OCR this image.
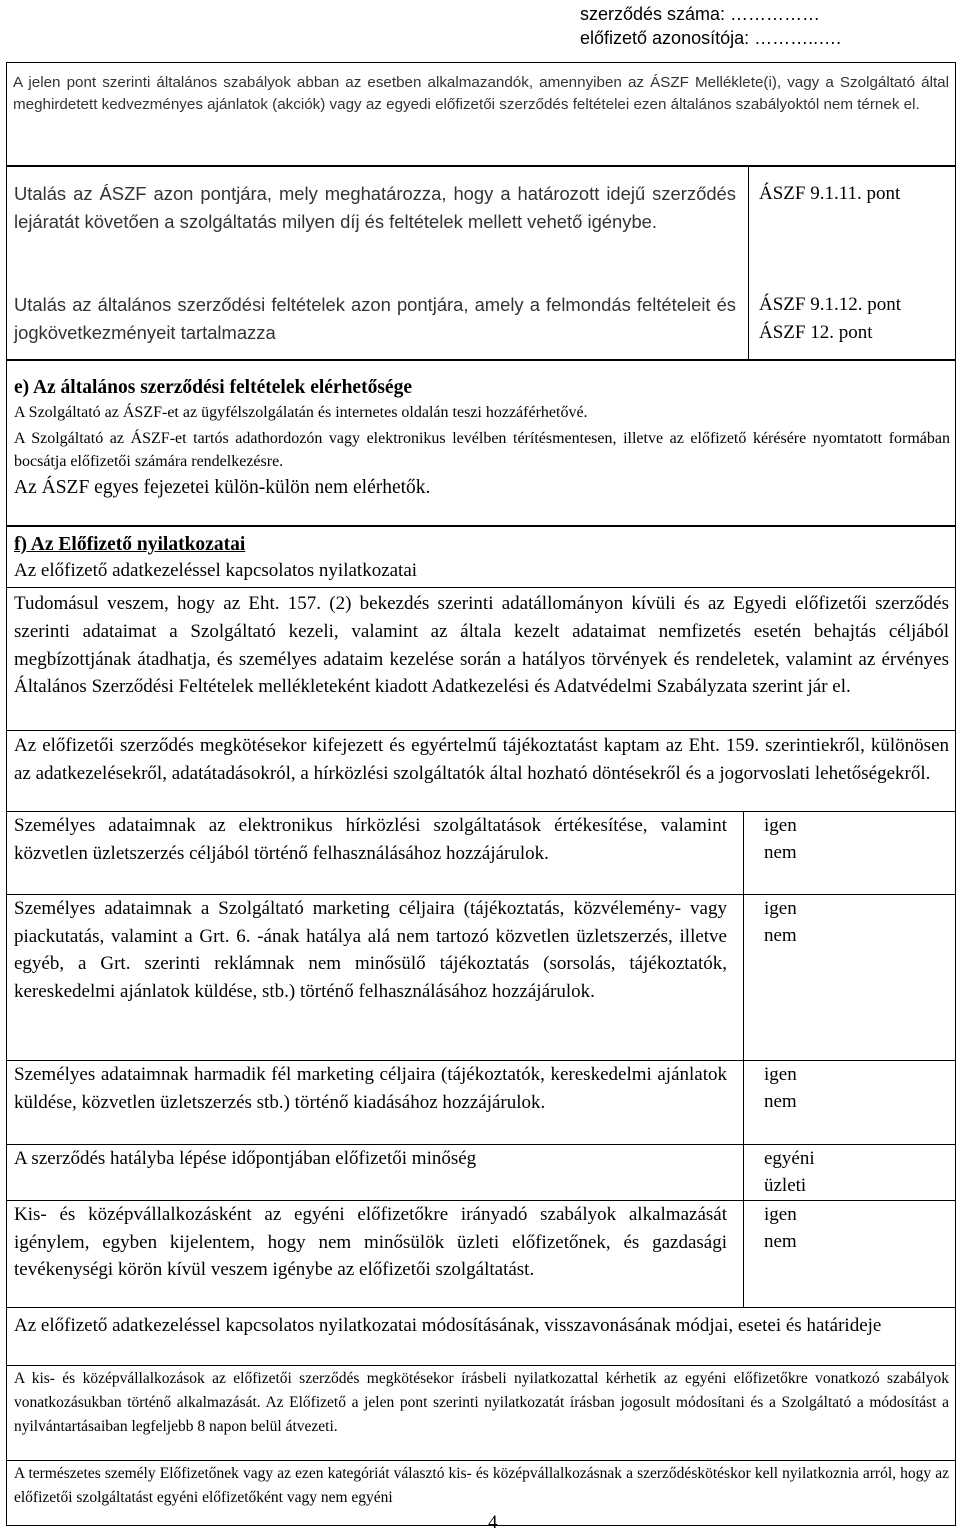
szerződés száma: ……………
előfizető azonosítója: ………..….
A jelen pont szerinti általános szabályok abban az esetben alkalmazandók, amennyiben az ÁSZF Melléklete(i), vagy a Szolgáltató által meghirdetett kedvezményes ajánlatok (akciók) vagy az egyedi előfizetői szerződés feltételei ezen általános szabályoktól nem térnek el.
Utalás az ÁSZF azon pontjára, mely meghatározza, hogy a határozott idejű szerződés lejáratát követően a szolgáltatás milyen díj és feltételek mellett vehető igénybe.
ÁSZF 9.1.11. pont
Utalás az általános szerződési feltételek azon pontjára, amely a felmondás feltételeit és jogkövetkezményeit tartalmazza
ÁSZF 9.1.12. pont
ÁSZF 12. pont
e) Az általános szerződési feltételek elérhetősége
A Szolgáltató az ÁSZF-et az ügyfélszolgálatán és internetes oldalán teszi hozzáférhetővé.
A Szolgáltató az ÁSZF-et tartós adathordozón vagy elektronikus levélben térítésmentesen, illetve az előfizető kérésére nyomtatott formában bocsátja előfizetői számára rendelkezésre.
Az ÁSZF egyes fejezetei külön-külön nem elérhetők.
f) Az Előfizető nyilatkozatai
Az előfizető adatkezeléssel kapcsolatos nyilatkozatai
Tudomásul veszem, hogy az Eht. 157. (2) bekezdés szerinti adatállományon kívüli és az Egyedi előfizetői szerződés szerinti adataimat a Szolgáltató kezeli, valamint az általa kezelt adataimat nemfizetés esetén behajtás céljából megbízottjának átadhatja, és személyes adataim kezelése során a hatályos törvények és rendeletek, valamint az érvényes Általános Szerződési Feltételek mellékleteként kiadott Adatkezelési és Adatvédelmi Szabályzata szerint jár el.
Az előfizetői szerződés megkötésekor kifejezett és egyértelmű tájékoztatást kaptam az Eht. 159. szerintiekről, különösen az adatkezelésekről, adatátadásokról, a hírközlési szolgáltatók által hozható döntésekről és a jogorvoslati lehetőségekről.
Személyes adataimnak az elektronikus hírközlési szolgáltatások értékesítése, valamint közvetlen üzletszerzés céljából történő felhasználásához hozzájárulok.
igen
nem
Személyes adataimnak a Szolgáltató marketing céljaira (tájékoztatás, közvélemény- vagy piackutatás, valamint a Grt. 6. -ának hatálya alá nem tartozó közvetlen üzletszerzés, illetve egyéb, a Grt. szerinti reklámnak nem minősülő tájékoztatás (sorsolás, tájékoztatók, kereskedelmi ajánlatok küldése, stb.) történő felhasználásához hozzájárulok.
igen
nem
Személyes adataimnak harmadik fél marketing céljaira (tájékoztatók, kereskedelmi ajánlatok küldése, közvetlen üzletszerzés stb.) történő kiadásához hozzájárulok.
igen
nem
A szerződés hatályba lépése időpontjában előfizetői minőség	egyéni
üzleti
Kis- és középvállalkozásként az egyéni előfizetőkre irányadó szabályok alkalmazását igénylem, egyben kijelentem, hogy nem minősülök üzleti előfizetőnek, és gazdasági tevékenységi körön kívül veszem igénybe az előfizetői szolgáltatást.
igen
nem
Az előfizető adatkezeléssel kapcsolatos nyilatkozatai módosításának, visszavonásának módjai, esetei és határideje
A kis- és középvállalkozások az előfizetői szerződés megkötésekor írásbeli nyilatkozattal kérhetik az egyéni előfizetőkre vonatkozó szabályok vonatkozásukban történő alkalmazását. Az Előfizető a jelen pont szerinti nyilatkozatát írásban jogosult módosítani és a Szolgáltató a módosítást a nyilvántartásaiban legfeljebb 8 napon belül átvezeti.
A természetes személy Előfizetőnek vagy az ezen kategóriát választó kis- és középvállalkozásnak a szerződéskötéskor kell nyilatkoznia arról, hogy az előfizetői szolgáltatást egyéni előfizetőként vagy nem egyéni
4
